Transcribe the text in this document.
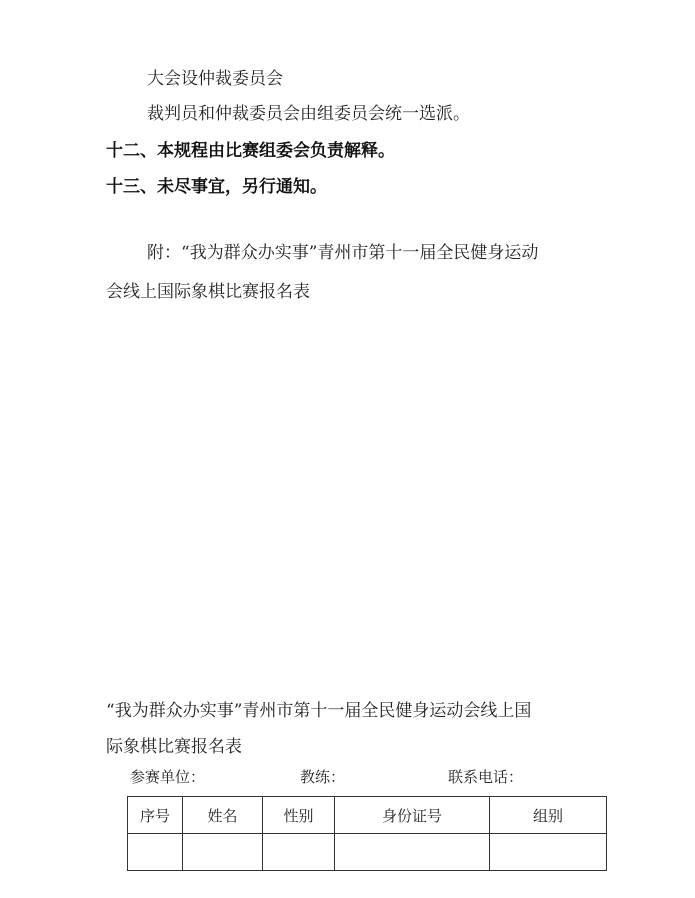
大会设仲裁委员会
裁判员和仲裁委员会由组委员会统一选派。
十二、本规程由比赛组委会负责解释。
十三、未尽事宜，另行通知。
附：“我为群众办实事”青州市第十一届全民健身运动
会线上国际象棋比赛报名表
“我为群众办实事”青州市第十一届全民健身运动会线上国
际象棋比赛报名表
参赛单位：	教练：	联系电话：
序号	姓名	性别	身份证号	组别
